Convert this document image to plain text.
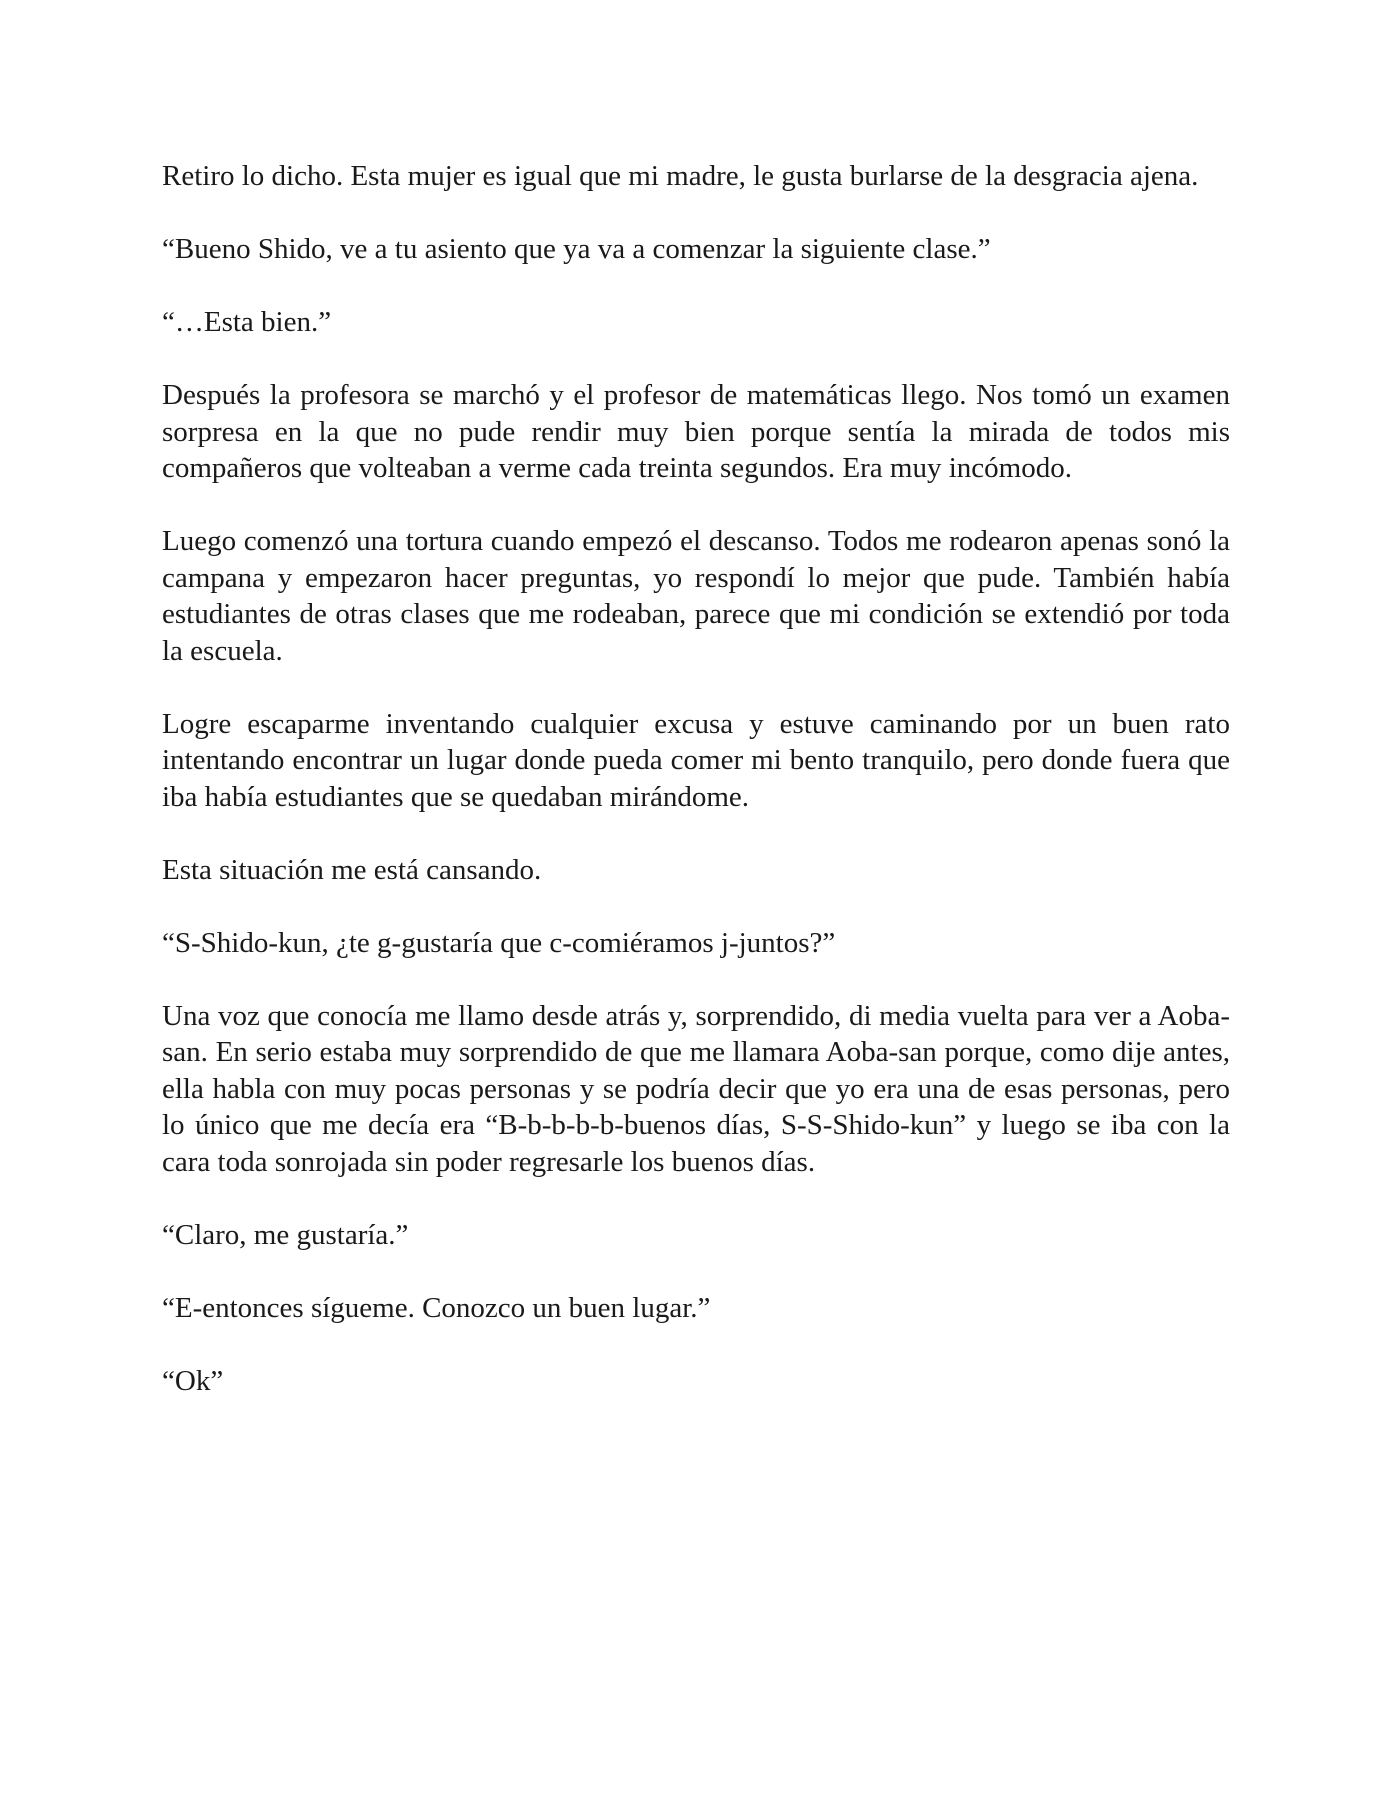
Retiro lo dicho. Esta mujer es igual que mi madre, le gusta burlarse de la desgracia ajena.

“Bueno Shido, ve a tu asiento que ya va a comenzar la siguiente clase.”

“…Esta bien.”

Después la profesora se marchó y el profesor de matemáticas llego. Nos tomó un examen sorpresa en la que no pude rendir muy bien porque sentía la mirada de todos mis compañeros que volteaban a verme cada treinta segundos. Era muy incómodo.

Luego comenzó una tortura cuando empezó el descanso. Todos me rodearon apenas sonó la campana y empezaron hacer preguntas, yo respondí lo mejor que pude. También había estudiantes de otras clases que me rodeaban, parece que mi condición se extendió por toda la escuela.

Logre escaparme inventando cualquier excusa y estuve caminando por un buen rato intentando encontrar un lugar donde pueda comer mi bento tranquilo, pero donde fuera que iba había estudiantes que se quedaban mirándome.

Esta situación me está cansando.

“S-Shido-kun, ¿te g-gustaría que c-comiéramos j-juntos?”

Una voz que conocía me llamo desde atrás y, sorprendido, di media vuelta para ver a Aoba-san. En serio estaba muy sorprendido de que me llamara Aoba-san porque, como dije antes, ella habla con muy pocas personas y se podría decir que yo era una de esas personas, pero lo único que me decía era “B-b-b-b-b-buenos días, S-S-Shido-kun” y luego se iba con la cara toda sonrojada sin poder regresarle los buenos días.

“Claro, me gustaría.”

“E-entonces sígueme. Conozco un buen lugar.”

“Ok”
